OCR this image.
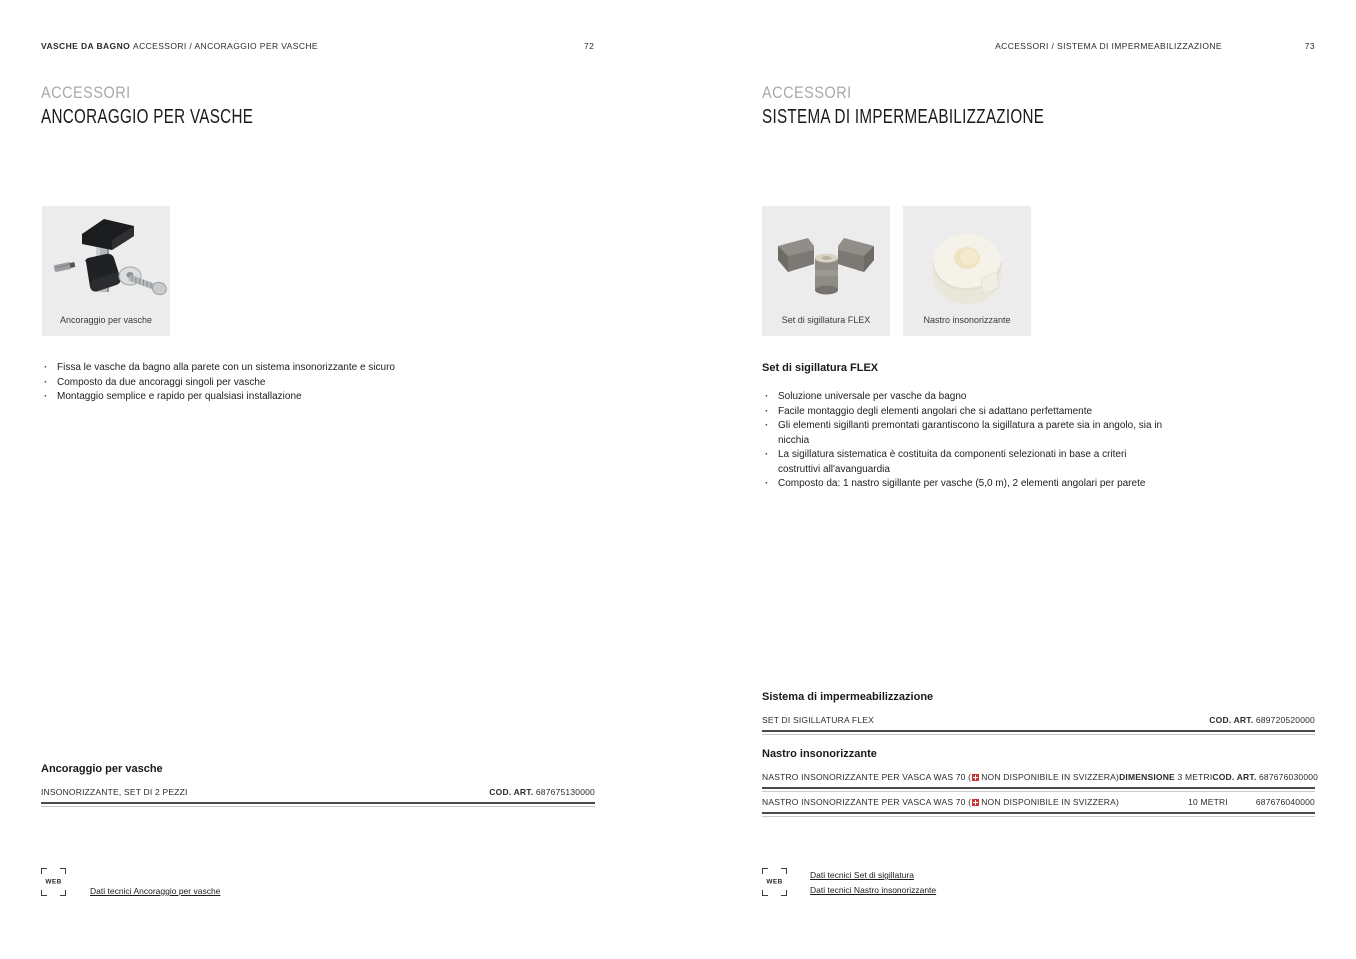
VASCHE DA BAGNO ACCESSORI / ANCORAGGIO PER VASCHE	72
ACCESSORI
ANCORAGGIO PER VASCHE
Ancoraggio per vasche
· Fissa le vasche da bagno alla parete con un sistema insonorizzante e sicuro
· Composto da due ancoraggi singoli per vasche
· Montaggio semplice e rapido per qualsiasi installazione
Ancoraggio per vasche
INSONORIZZANTE, SET DI 2 PEZZI	COD. ART. 687675130000
WEB
Dati tecnici Ancoraggio per vasche
ACCESSORI / SISTEMA DI IMPERMEABILIZZAZIONE	73
ACCESSORI
SISTEMA DI IMPERMEABILIZZAZIONE
Set di sigillatura FLEX	Nastro insonorizzante
Set di sigillatura FLEX
· Soluzione universale per vasche da bagno
· Facile montaggio degli elementi angolari che si adattano perfettamente
· Gli elementi sigillanti premontati garantiscono la sigillatura a parete sia in angolo, sia in nicchia
· La sigillatura sistematica è costituita da componenti selezionati in base a criteri costruttivi all'avanguardia
· Composto da: 1 nastro sigillante per vasche (5,0 m), 2 elementi angolari per parete
Sistema di impermeabilizzazione
SET DI SIGILLATURA FLEX	COD. ART. 689720520000
Nastro insonorizzante
NASTRO INSONORIZZANTE PER VASCA WAS 70 ( NON DISPONIBILE IN SVIZZERA) DIMENSIONE 3 METRI COD. ART. 687676030000
NASTRO INSONORIZZANTE PER VASCA WAS 70 ( NON DISPONIBILE IN SVIZZERA)	10 METRI	687676040000
WEB
Dati tecnici Set di sigillatura
Dati tecnici Nastro insonorizzante
